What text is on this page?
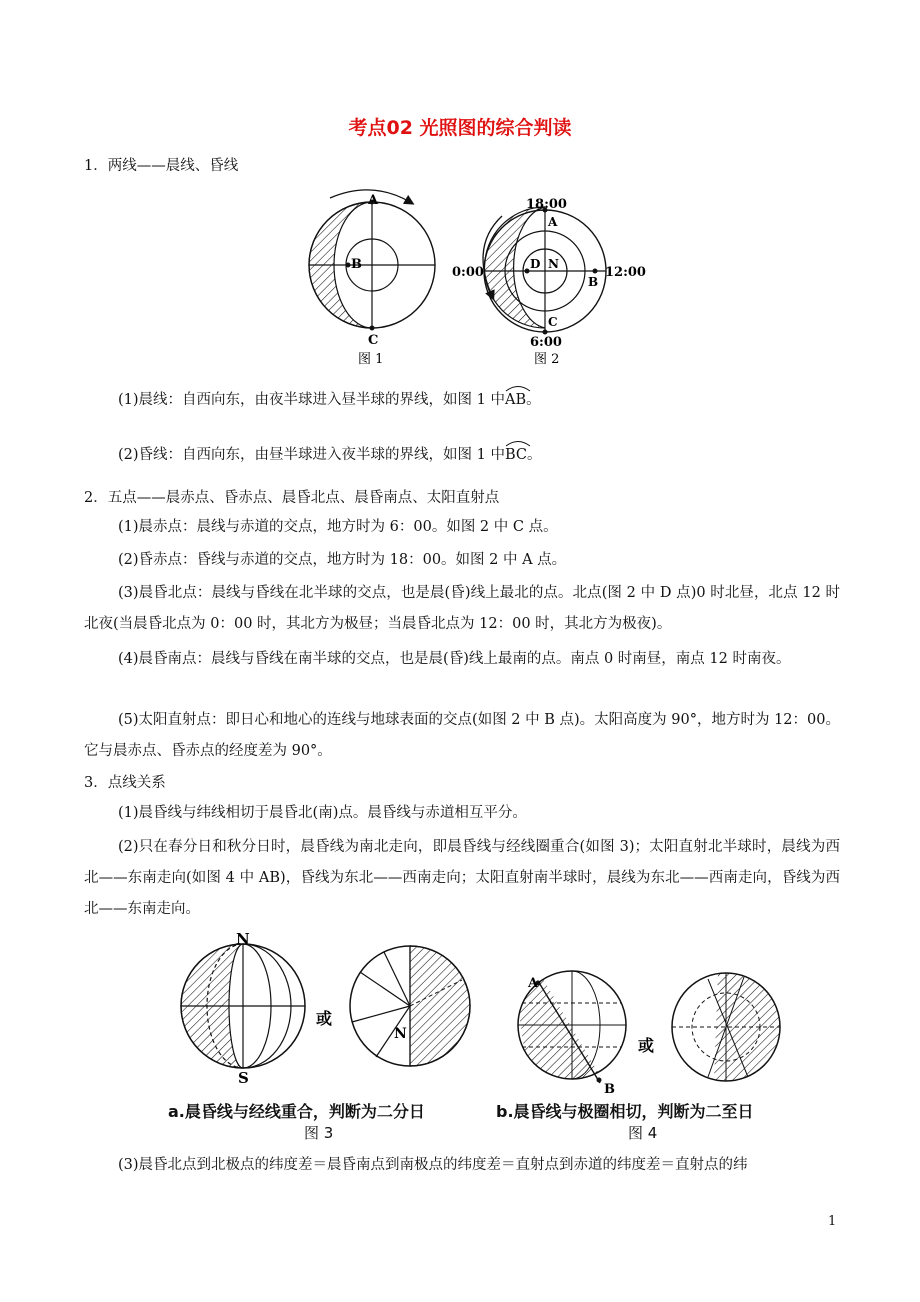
考点02 光照图的综合判读
1．两线——晨线、昏线
A
B
C
图 1
18:00
0:00	12:00
6:00
A
D N
B
C
图 2
(1)晨线：自西向东，由夜半球进入昼半球的界线，如图 1 中
AB。
(2)昏线：自西向东，由昼半球进入夜半球的界线，如图 1 中
BC。
2．五点——晨赤点、昏赤点、晨昏北点、晨昏南点、太阳直射点
(1)晨赤点：晨线与赤道的交点，地方时为 6：00。如图 2 中 C 点。
(2)昏赤点：昏线与赤道的交点，地方时为 18：00。如图 2 中 A 点。
(3)晨昏北点：晨线与昏线在北半球的交点，也是晨(昏)线上最北的点。北点(图 2 中 D 点)0 时北昼，北点 12 时北夜(当晨昏北点为 0：00 时，其北方为极昼；当晨昏北点为 12：00 时，其北方为极夜)。
(4)晨昏南点：晨线与昏线在南半球的交点，也是晨(昏)线上最南的点。南点 0 时南昼，南点 12 时南夜。
(5)太阳直射点：即日心和地心的连线与地球表面的交点(如图 2 中 B 点)。太阳高度为 90°，地方时为 12：00。它与晨赤点、昏赤点的经度差为 90°。
3．点线关系
(1)晨昏线与纬线相切于晨昏北(南)点。晨昏线与赤道相互平分。
(2)只在春分日和秋分日时，晨昏线为南北走向，即晨昏线与经线圈重合(如图 3)；太阳直射北半球时，晨线为西北——东南走向(如图 4 中 AB)，昏线为东北——西南走向；太阳直射南半球时，晨线为东北——西南走向，昏线为西北——东南走向。
N
S
或
N
A
B
或
a.晨昏线与经线重合，判断为二分日
图 3
b.晨昏线与极圈相切，判断为二至日
图 4
(3)晨昏北点到北极点的纬度差＝晨昏南点到南极点的纬度差＝直射点到赤道的纬度差＝直射点的纬
1
